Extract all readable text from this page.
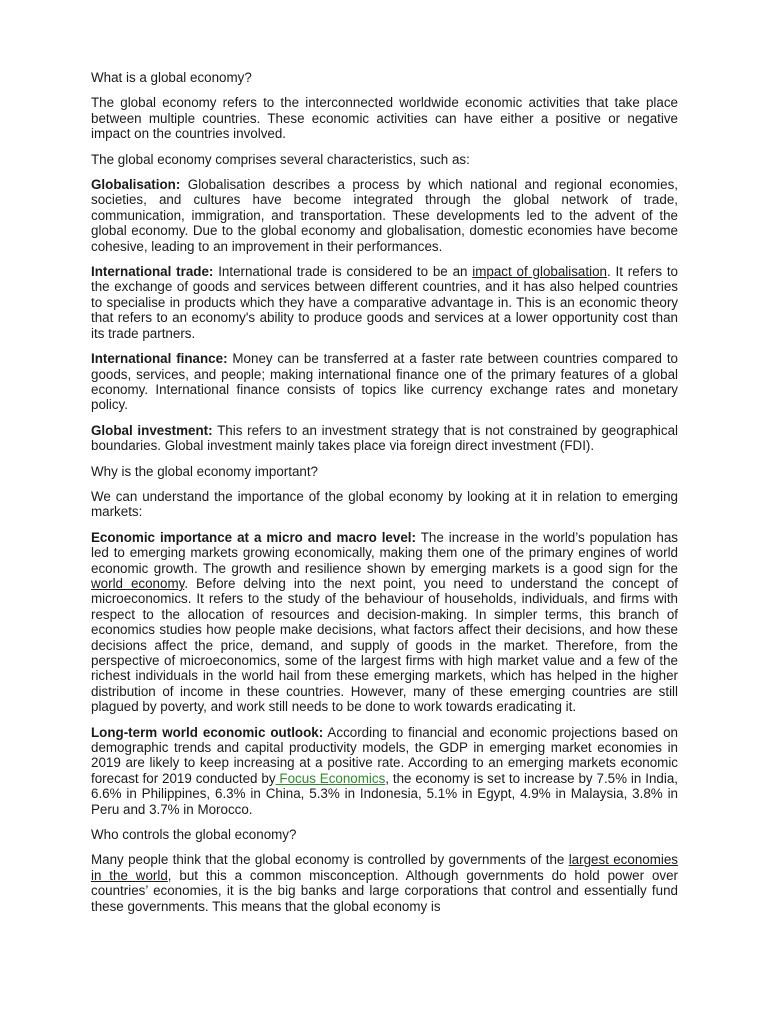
What is a global economy?

The global economy refers to the interconnected worldwide economic activities that take place between multiple countries. These economic activities can have either a positive or negative impact on the countries involved.

The global economy comprises several characteristics, such as:

Globalisation: Globalisation describes a process by which national and regional economies, societies, and cultures have become integrated through the global network of trade, communication, immigration, and transportation. These developments led to the advent of the global economy. Due to the global economy and globalisation, domestic economies have become cohesive, leading to an improvement in their performances.

International trade: International trade is considered to be an impact of globalisation. It refers to the exchange of goods and services between different countries, and it has also helped countries to specialise in products which they have a comparative advantage in. This is an economic theory that refers to an economy's ability to produce goods and services at a lower opportunity cost than its trade partners.

International finance: Money can be transferred at a faster rate between countries compared to goods, services, and people; making international finance one of the primary features of a global economy. International finance consists of topics like currency exchange rates and monetary policy.

Global investment: This refers to an investment strategy that is not constrained by geographical boundaries. Global investment mainly takes place via foreign direct investment (FDI).

Why is the global economy important?

We can understand the importance of the global economy by looking at it in relation to emerging markets:

Economic importance at a micro and macro level: The increase in the world’s population has led to emerging markets growing economically, making them one of the primary engines of world economic growth. The growth and resilience shown by emerging markets is a good sign for the world economy. Before delving into the next point, you need to understand the concept of microeconomics. It refers to the study of the behaviour of households, individuals, and firms with respect to the allocation of resources and decision-making. In simpler terms, this branch of economics studies how people make decisions, what factors affect their decisions, and how these decisions affect the price, demand, and supply of goods in the market. Therefore, from the perspective of microeconomics, some of the largest firms with high market value and a few of the richest individuals in the world hail from these emerging markets, which has helped in the higher distribution of income in these countries. However, many of these emerging countries are still plagued by poverty, and work still needs to be done to work towards eradicating it.

Long-term world economic outlook: According to financial and economic projections based on demographic trends and capital productivity models, the GDP in emerging market economies in 2019 are likely to keep increasing at a positive rate. According to an emerging markets economic forecast for 2019 conducted by Focus Economics, the economy is set to increase by 7.5% in India, 6.6% in Philippines, 6.3% in China, 5.3% in Indonesia, 5.1% in Egypt, 4.9% in Malaysia, 3.8% in Peru and 3.7% in Morocco.

Who controls the global economy?

Many people think that the global economy is controlled by governments of the largest economies in the world, but this a common misconception. Although governments do hold power over countries’ economies, it is the big banks and large corporations that control and essentially fund these governments. This means that the global economy is
